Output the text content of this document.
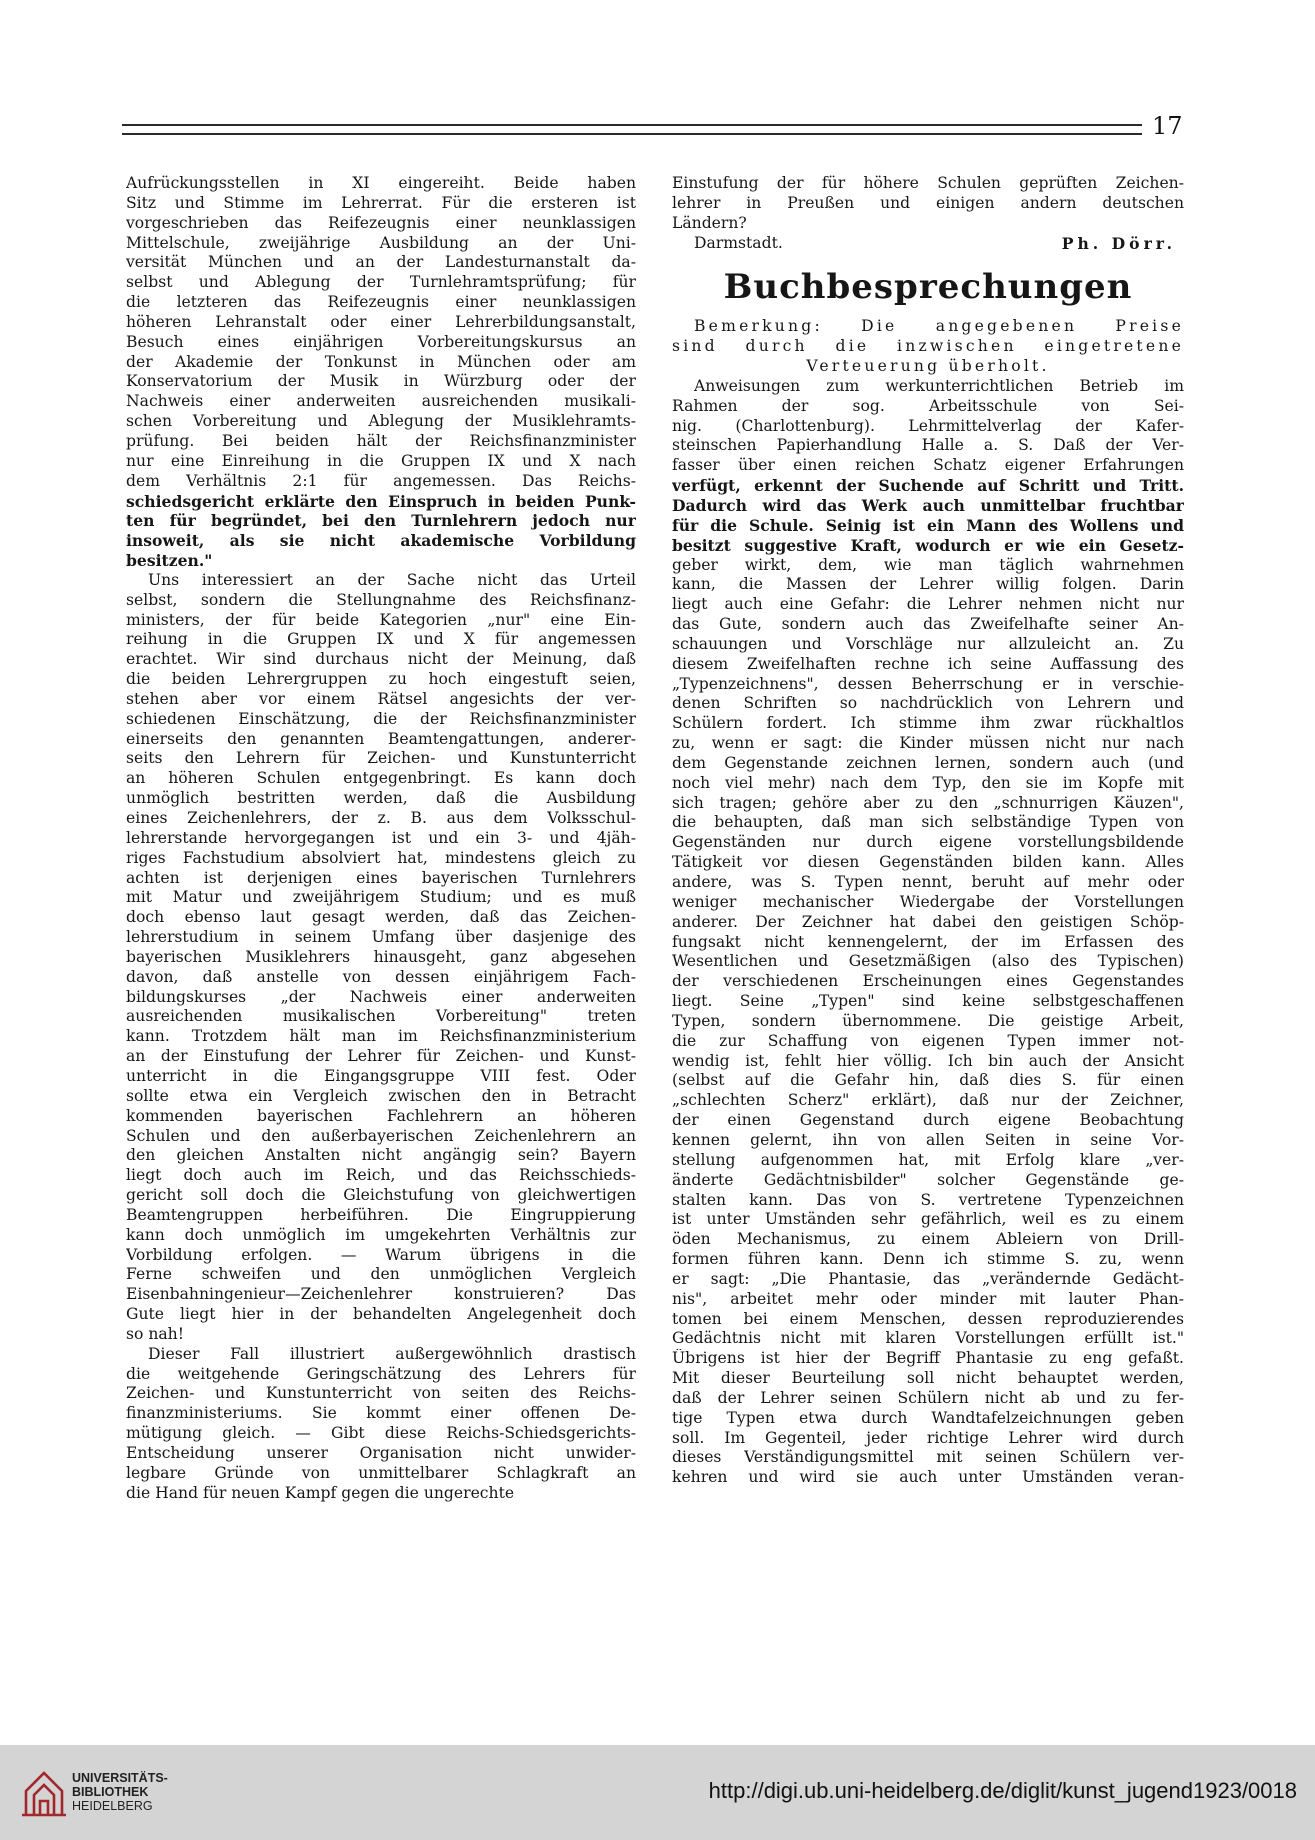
17
Aufrückungsstellen in XI eingereiht. Beide haben
Sitz und Stimme im Lehrerrat. Für die ersteren ist
vorgeschrieben das Reifezeugnis einer neunklassigen
Mittelschule, zweijährige Ausbildung an der Uni-
versität München und an der Landesturnanstalt da-
selbst und Ablegung der Turnlehramtsprüfung; für
die letzteren das Reifezeugnis einer neunklassigen
höheren Lehranstalt oder einer Lehrerbildungsanstalt,
Besuch eines einjährigen Vorbereitungskursus an
der Akademie der Tonkunst in München oder am
Konservatorium der Musik in Würzburg oder der
Nachweis einer anderweiten ausreichenden musikali-
schen Vorbereitung und Ablegung der Musiklehramts-
prüfung. Bei beiden hält der Reichsfinanzminister
nur eine Einreihung in die Gruppen IX und X nach
dem Verhältnis 2:1 für angemessen. Das Reichs-
schiedsgericht erklärte den Einspruch in beiden Punk-
ten für begründet, bei den Turnlehrern jedoch nur
insoweit, als sie nicht akademische Vorbildung
besitzen."
Uns interessiert an der Sache nicht das Urteil
selbst, sondern die Stellungnahme des Reichsfinanz-
ministers, der für beide Kategorien „nur" eine Ein-
reihung in die Gruppen IX und X für angemessen
erachtet. Wir sind durchaus nicht der Meinung, daß
die beiden Lehrergruppen zu hoch eingestuft seien,
stehen aber vor einem Rätsel angesichts der ver-
schiedenen Einschätzung, die der Reichsfinanzminister
einerseits den genannten Beamtengattungen, anderer-
seits den Lehrern für Zeichen- und Kunstunterricht
an höheren Schulen entgegenbringt. Es kann doch
unmöglich bestritten werden, daß die Ausbildung
eines Zeichenlehrers, der z. B. aus dem Volksschul-
lehrerstande hervorgegangen ist und ein 3- und 4jäh-
riges Fachstudium absolviert hat, mindestens gleich zu
achten ist derjenigen eines bayerischen Turnlehrers
mit Matur und zweijährigem Studium; und es muß
doch ebenso laut gesagt werden, daß das Zeichen-
lehrerstudium in seinem Umfang über dasjenige des
bayerischen Musiklehrers hinausgeht, ganz abgesehen
davon, daß anstelle von dessen einjährigem Fach-
bildungskurses „der Nachweis einer anderweiten
ausreichenden musikalischen Vorbereitung" treten
kann. Trotzdem hält man im Reichsfinanzministerium
an der Einstufung der Lehrer für Zeichen- und Kunst-
unterricht in die Eingangsgruppe VIII fest. Oder
sollte etwa ein Vergleich zwischen den in Betracht
kommenden bayerischen Fachlehrern an höheren
Schulen und den außerbayerischen Zeichenlehrern an
den gleichen Anstalten nicht angängig sein? Bayern
liegt doch auch im Reich, und das Reichsschieds-
gericht soll doch die Gleichstufung von gleichwertigen
Beamtengruppen herbeiführen. Die Eingruppierung
kann doch unmöglich im umgekehrten Verhältnis zur
Vorbildung erfolgen. — Warum übrigens in die
Ferne schweifen und den unmöglichen Vergleich
Eisenbahningenieur—Zeichenlehrer konstruieren? Das
Gute liegt hier in der behandelten Angelegenheit doch
so nah!
Dieser Fall illustriert außergewöhnlich drastisch
die weitgehende Geringschätzung des Lehrers für
Zeichen- und Kunstunterricht von seiten des Reichs-
finanzministeriums. Sie kommt einer offenen De-
mütigung gleich. — Gibt diese Reichs-Schiedsgerichts-
Entscheidung unserer Organisation nicht unwider-
legbare Gründe von unmittelbarer Schlagkraft an
die Hand für neuen Kampf gegen die ungerechte
Einstufung der für höhere Schulen geprüften Zeichen-
lehrer in Preußen und einigen andern deutschen
Ländern?
Darmstadt.	Ph. Dörr.
Buchbesprechungen
Bemerkung: Die angegebenen Preise
sind durch die inzwischen eingetretene
Verteuerung überholt.
Anweisungen zum werkunterrichtlichen Betrieb im
Rahmen der sog. Arbeitsschule von Sei-
nig. (Charlottenburg). Lehrmittelverlag der Kafer-
steinschen Papierhandlung Halle a. S. Daß der Ver-
fasser über einen reichen Schatz eigener Erfahrungen
verfügt, erkennt der Suchende auf Schritt und Tritt.
Dadurch wird das Werk auch unmittelbar fruchtbar
für die Schule. Seinig ist ein Mann des Wollens und
besitzt suggestive Kraft, wodurch er wie ein Gesetz-
geber wirkt, dem, wie man täglich wahrnehmen
kann, die Massen der Lehrer willig folgen. Darin
liegt auch eine Gefahr: die Lehrer nehmen nicht nur
das Gute, sondern auch das Zweifelhafte seiner An-
schauungen und Vorschläge nur allzuleicht an. Zu
diesem Zweifelhaften rechne ich seine Auffassung des
„Typenzeichnens", dessen Beherrschung er in verschie-
denen Schriften so nachdrücklich von Lehrern und
Schülern fordert. Ich stimme ihm zwar rückhaltlos
zu, wenn er sagt: die Kinder müssen nicht nur nach
dem Gegenstande zeichnen lernen, sondern auch (und
noch viel mehr) nach dem Typ, den sie im Kopfe mit
sich tragen; gehöre aber zu den „schnurrigen Käuzen",
die behaupten, daß man sich selbständige Typen von
Gegenständen nur durch eigene vorstellungsbildende
Tätigkeit vor diesen Gegenständen bilden kann. Alles
andere, was S. Typen nennt, beruht auf mehr oder
weniger mechanischer Wiedergabe der Vorstellungen
anderer. Der Zeichner hat dabei den geistigen Schöp-
fungsakt nicht kennengelernt, der im Erfassen des
Wesentlichen und Gesetzmäßigen (also des Typischen)
der verschiedenen Erscheinungen eines Gegenstandes
liegt. Seine „Typen" sind keine selbstgeschaffenen
Typen, sondern übernommene. Die geistige Arbeit,
die zur Schaffung von eigenen Typen immer not-
wendig ist, fehlt hier völlig. Ich bin auch der Ansicht
(selbst auf die Gefahr hin, daß dies S. für einen
„schlechten Scherz" erklärt), daß nur der Zeichner,
der einen Gegenstand durch eigene Beobachtung
kennen gelernt, ihn von allen Seiten in seine Vor-
stellung aufgenommen hat, mit Erfolg klare „ver-
änderte Gedächtnisbilder" solcher Gegenstände ge-
stalten kann. Das von S. vertretene Typenzeichnen
ist unter Umständen sehr gefährlich, weil es zu einem
öden Mechanismus, zu einem Ableiern von Drill-
formen führen kann. Denn ich stimme S. zu, wenn
er sagt: „Die Phantasie, das „verändernde Gedächt-
nis", arbeitet mehr oder minder mit lauter Phan-
tomen bei einem Menschen, dessen reproduzierendes
Gedächtnis nicht mit klaren Vorstellungen erfüllt ist."
Übrigens ist hier der Begriff Phantasie zu eng gefaßt.
Mit dieser Beurteilung soll nicht behauptet werden,
daß der Lehrer seinen Schülern nicht ab und zu fer-
tige Typen etwa durch Wandtafelzeichnungen geben
soll. Im Gegenteil, jeder richtige Lehrer wird durch
dieses Verständigungsmittel mit seinen Schülern ver-
kehren und wird sie auch unter Umständen veran-
UNIVERSITÄTS-
BIBLIOTHEK
HEIDELBERG
http://digi.ub.uni-heidelberg.de/diglit/kunst_jugend1923/0018
